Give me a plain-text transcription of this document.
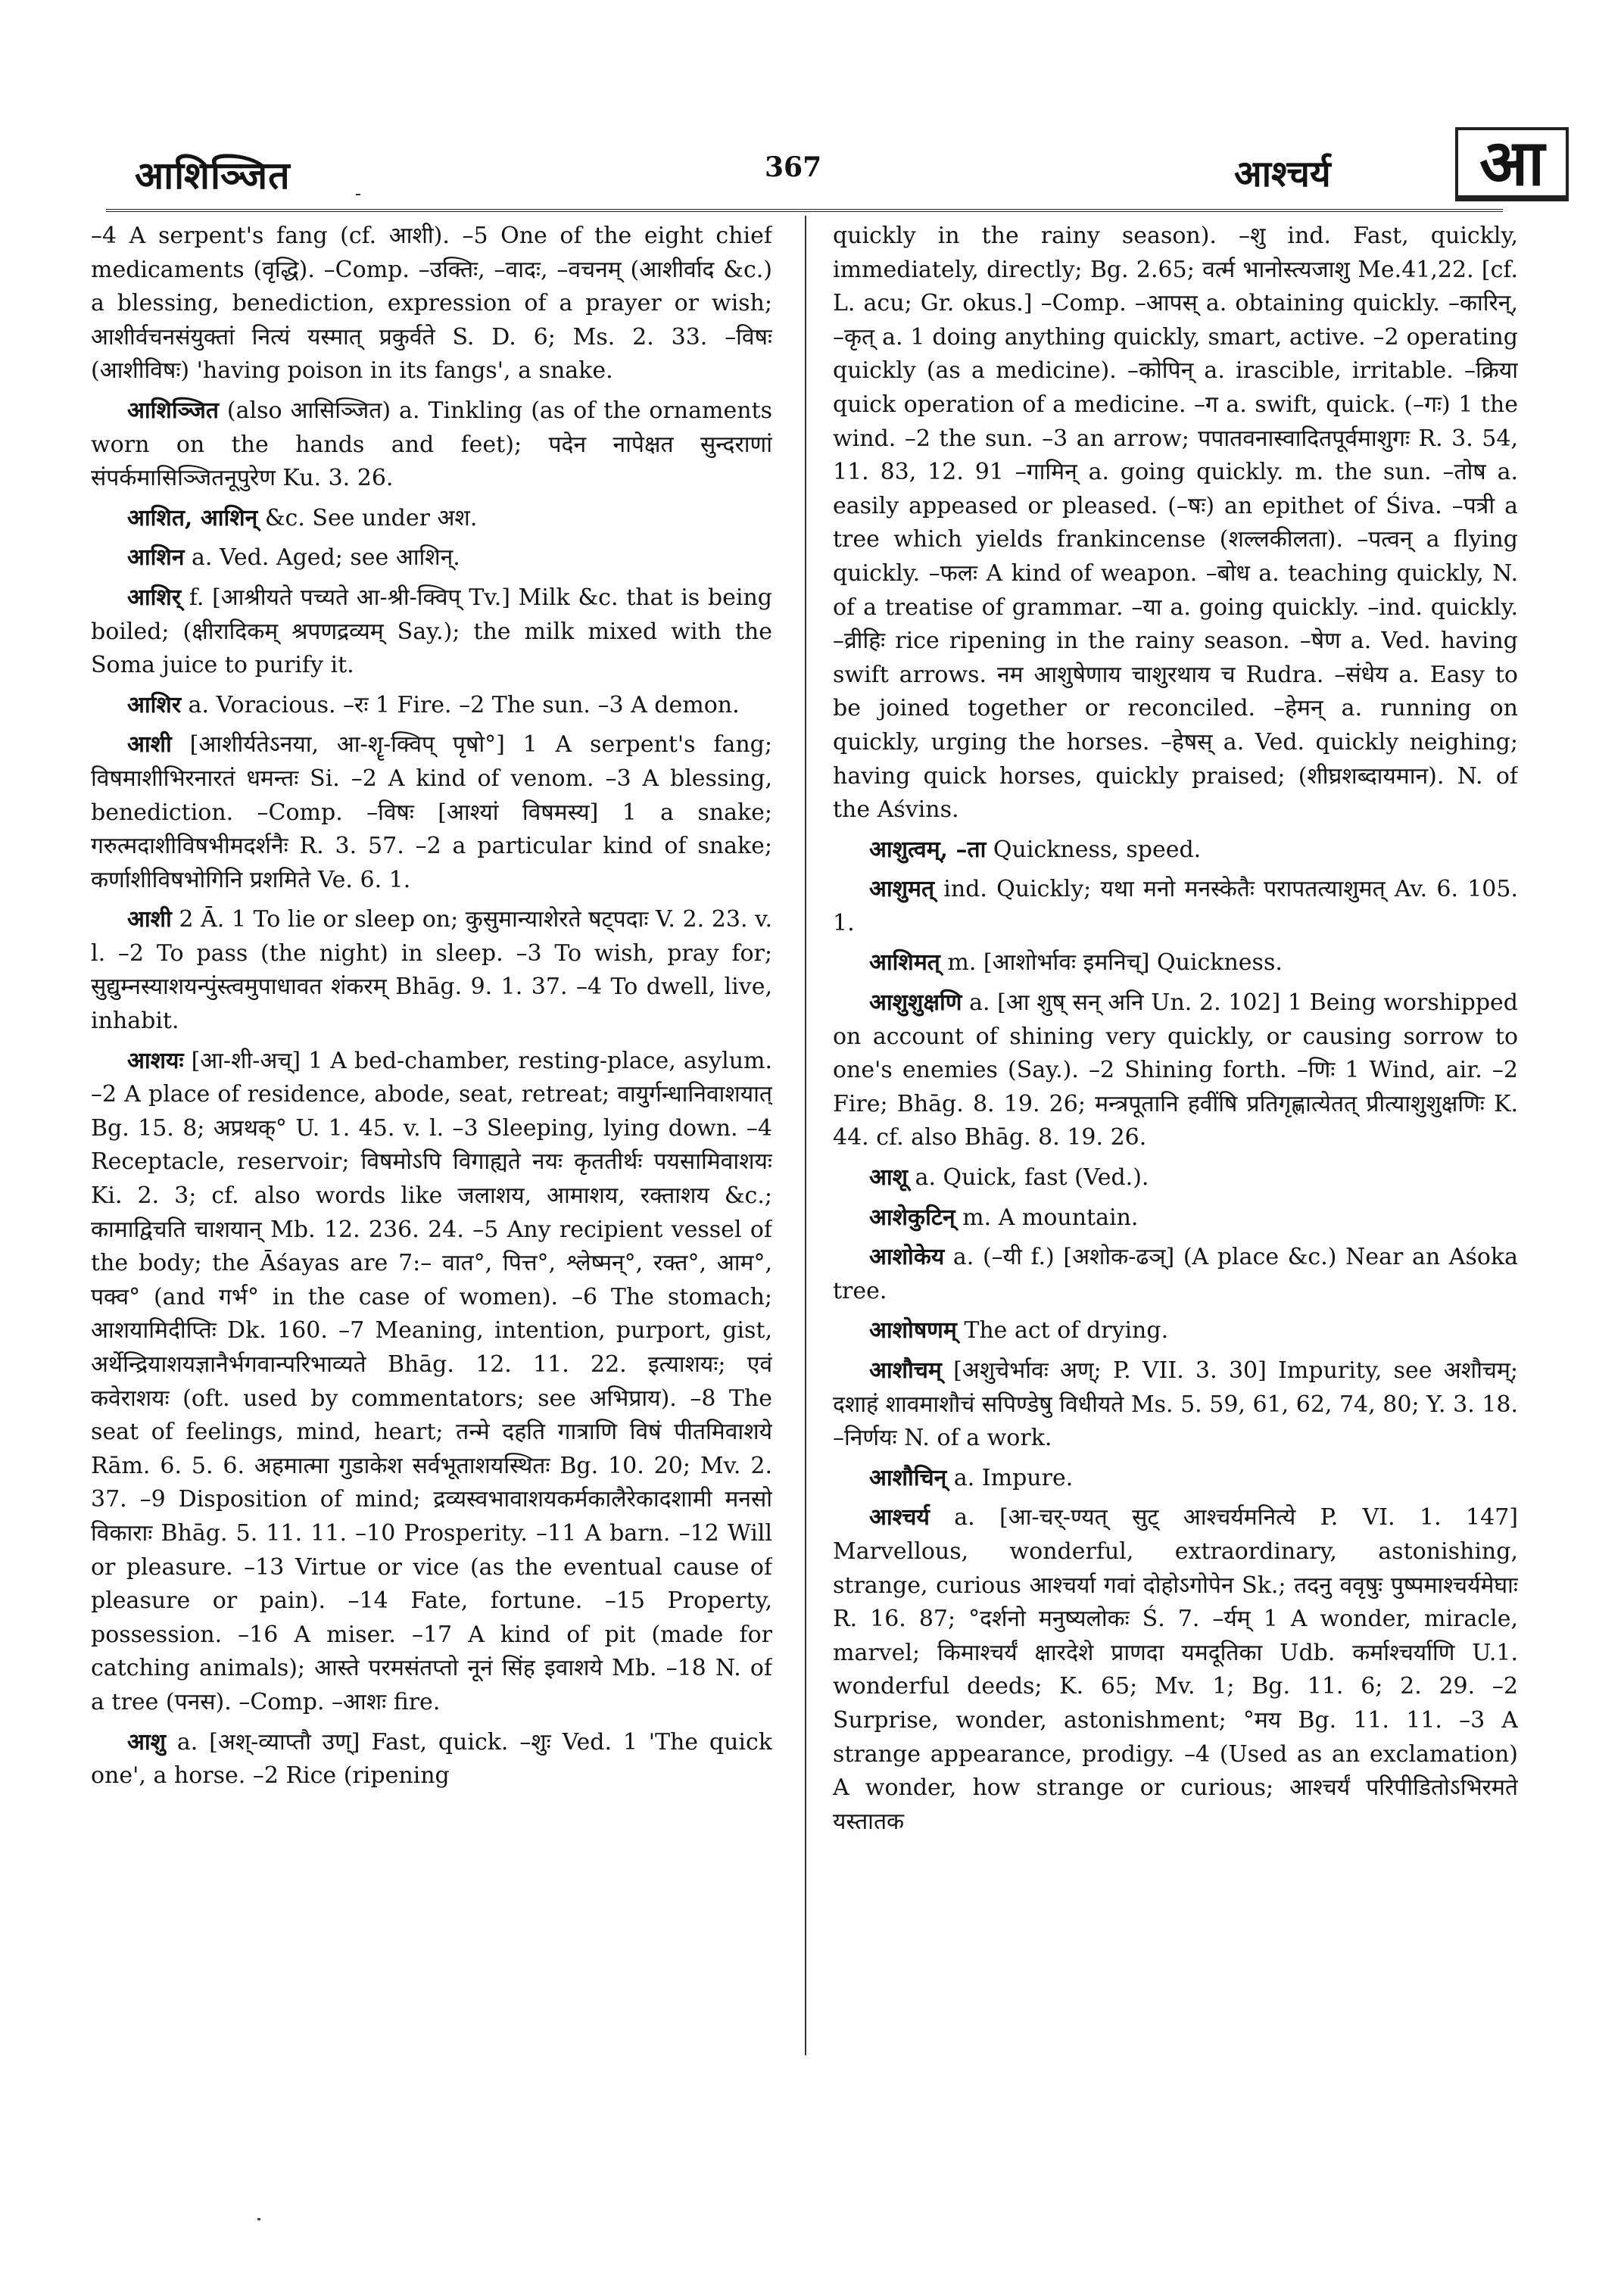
आशिञ्जित	367	आश्चर्य	आ

–4 A serpent's fang (cf. आशी). –5 One of the eight chief medicaments (वृद्धि). –Comp. –उक्तिः, –वादः, –वचनम् (आशीर्वाद &c.) a blessing, benediction, expression of a prayer or wish; आशीर्वचनसंयुक्तां नित्यं यस्मात् प्रकुर्वते S. D. 6; Ms. 2. 33. –विषः (आशीविषः) 'having poison in its fangs', a snake.

आशिञ्जित (also आसिञ्जित) a. Tinkling (as of the ornaments worn on the hands and feet); पदेन नापेक्षत सुन्दराणां संपर्कमासिञ्जितनूपुरेण Ku. 3. 26.

आशित, आशिन् &c. See under अश.

आशिन a. Ved. Aged; see आशिन्.

आशिर् f. [आश्रीयते पच्यते आ-श्री-क्विप् Tv.] Milk &c. that is being boiled; (क्षीरादिकम् श्रपणद्रव्यम् Say.); the milk mixed with the Soma juice to purify it.

आशिर a. Voracious. –रः 1 Fire. –2 The sun. –3 A demon.

आशी [आशीर्यतेऽनया, आ-शॄ-क्विप् पृषो°] 1 A serpent's fang; विषमाशीभिरनारतं धमन्तः Si. –2 A kind of venom. –3 A blessing, benediction. –Comp. –विषः [आश्यां विषमस्य] 1 a snake; गरुत्मदाशीविषभीमदर्शनैः R. 3. 57. –2 a particular kind of snake; कर्णाशीविषभोगिनि प्रशमिते Ve. 6. 1.

आशी 2 Ā. 1 To lie or sleep on; कुसुमान्याशेरते षट्पदाः V. 2. 23. v. l. –2 To pass (the night) in sleep. –3 To wish, pray for; सुद्युम्नस्याशयन्पुंस्त्वमुपाधावत शंकरम् Bhāg. 9. 1. 37. –4 To dwell, live, inhabit.

आशयः [आ-शी-अच्] 1 A bed-chamber, resting-place, asylum. –2 A place of residence, abode, seat, retreat; वायुर्गन्धानिवाशयात् Bg. 15. 8; अप्रथक्° U. 1. 45. v. l. –3 Sleeping, lying down. –4 Receptacle, reservoir; विषमोऽपि विगाह्यते नयः कृततीर्थः पयसामिवाशयः Ki. 2. 3; cf. also words like जलाशय, आमाशय, रक्ताशय &c.; कामाद्विचति चाशयान् Mb. 12. 236. 24. –5 Any recipient vessel of the body; the Āśayas are 7:– वात°, पित्त°, श्लेष्मन्°, रक्त°, आम°, पक्व° (and गर्भ° in the case of women). –6 The stomach; आशयामिदीप्तिः Dk. 160. –7 Meaning, intention, purport, gist, अर्थेन्द्रियाशयज्ञानैर्भगवान्परिभाव्यते Bhāg. 12. 11. 22. इत्याशयः; एवं कवेराशयः (oft. used by commentators; see अभिप्राय). –8 The seat of feelings, mind, heart; तन्मे दहति गात्राणि विषं पीतमिवाशये Rām. 6. 5. 6. अहमात्मा गुडाकेश सर्वभूताशयस्थितः Bg. 10. 20; Mv. 2. 37. –9 Disposition of mind; द्रव्यस्वभावाशयकर्मकालैरेकादशामी मनसो विकाराः Bhāg. 5. 11. 11. –10 Prosperity. –11 A barn. –12 Will or pleasure. –13 Virtue or vice (as the eventual cause of pleasure or pain). –14 Fate, fortune. –15 Property, possession. –16 A miser. –17 A kind of pit (made for catching animals); आस्ते परमसंतप्तो नूनं सिंह इवाशये Mb. –18 N. of a tree (पनस). –Comp. –आशः fire.

आशु a. [अश्-व्याप्तौ उण्] Fast, quick. –शुः Ved. 1 'The quick one', a horse. –2 Rice (ripening

quickly in the rainy season). –शु ind. Fast, quickly, immediately, directly; Bg. 2.65; वर्त्म भानोस्त्यजाशु Me.41,22. [cf. L. acu; Gr. okus.] –Comp. –आपस् a. obtaining quickly. –कारिन्, –कृत् a. 1 doing anything quickly, smart, active. –2 operating quickly (as a medicine). –कोपिन् a. irascible, irritable. –क्रिया quick operation of a medicine. –ग a. swift, quick. (–गः) 1 the wind. –2 the sun. –3 an arrow; पपातवनास्वादितपूर्वमाशुगः R. 3. 54, 11. 83, 12. 91 –गामिन् a. going quickly. m. the sun. –तोष a. easily appeased or pleased. (–षः) an epithet of Śiva. –पत्री a tree which yields frankincense (शल्लकीलता). –पत्वन् a flying quickly. –फलः A kind of weapon. –बोध a. teaching quickly, N. of a treatise of grammar. –या a. going quickly. –ind. quickly. –व्रीहिः rice ripening in the rainy season. –षेण a. Ved. having swift arrows. नम आशुषेणाय चाशुरथाय च Rudra. –संधेय a. Easy to be joined together or reconciled. –हेमन् a. running on quickly, urging the horses. –हेषस् a. Ved. quickly neighing; having quick horses, quickly praised; (शीघ्रशब्दायमान). N. of the Aśvins.

आशुत्वम्, –ता Quickness, speed.

आशुमत् ind. Quickly; यथा मनो मनस्केतैः परापतत्याशुमत् Av. 6. 105. 1.

आशिमत् m. [आशोर्भावः इमनिच्] Quickness.

आशुशुक्षणि a. [आ शुष् सन् अनि Un. 2. 102] 1 Being worshipped on account of shining very quickly, or causing sorrow to one's enemies (Say.). –2 Shining forth. –णिः 1 Wind, air. –2 Fire; Bhāg. 8. 19. 26; मन्त्रपूतानि हवींषि प्रतिगृह्णात्येतत् प्रीत्याशुशुक्षणिः K. 44. cf. also Bhāg. 8. 19. 26.

आशू a. Quick, fast (Ved.).

आशेकुटिन् m. A mountain.

आशोकेय a. (–यी f.) [अशोक-ढञ्] (A place &c.) Near an Aśoka tree.

आशोषणम् The act of drying.

आशौचम् [अशुचेर्भावः अण्; P. VII. 3. 30] Impurity, see अशौचम्; दशाहं शावमाशौचं सपिण्डेषु विधीयते Ms. 5. 59, 61, 62, 74, 80; Y. 3. 18. –निर्णयः N. of a work.

आशौचिन् a. Impure.

आश्चर्य a. [आ-चर्-ण्यत् सुट् आश्चर्यमनित्ये P. VI. 1. 147] Marvellous, wonderful, extraordinary, astonishing, strange, curious आश्चर्या गवां दोहोऽगोपेन Sk.; तदनु ववृषुः पुष्पमाश्चर्यमेघाः R. 16. 87; °दर्शनो मनुष्यलोकः Ś. 7. –र्यम् 1 A wonder, miracle, marvel; किमाश्चर्यं क्षारदेशे प्राणदा यमदूतिका Udb. कर्माश्चर्याणि U.1. wonderful deeds; K. 65; Mv. 1; Bg. 11. 6; 2. 29. –2 Surprise, wonder, astonishment; °मय Bg. 11. 11. –3 A strange appearance, prodigy. –4 (Used as an exclamation) A wonder, how strange or curious; आश्चर्यं परिपीडितोऽभिरमते यस्तातक
